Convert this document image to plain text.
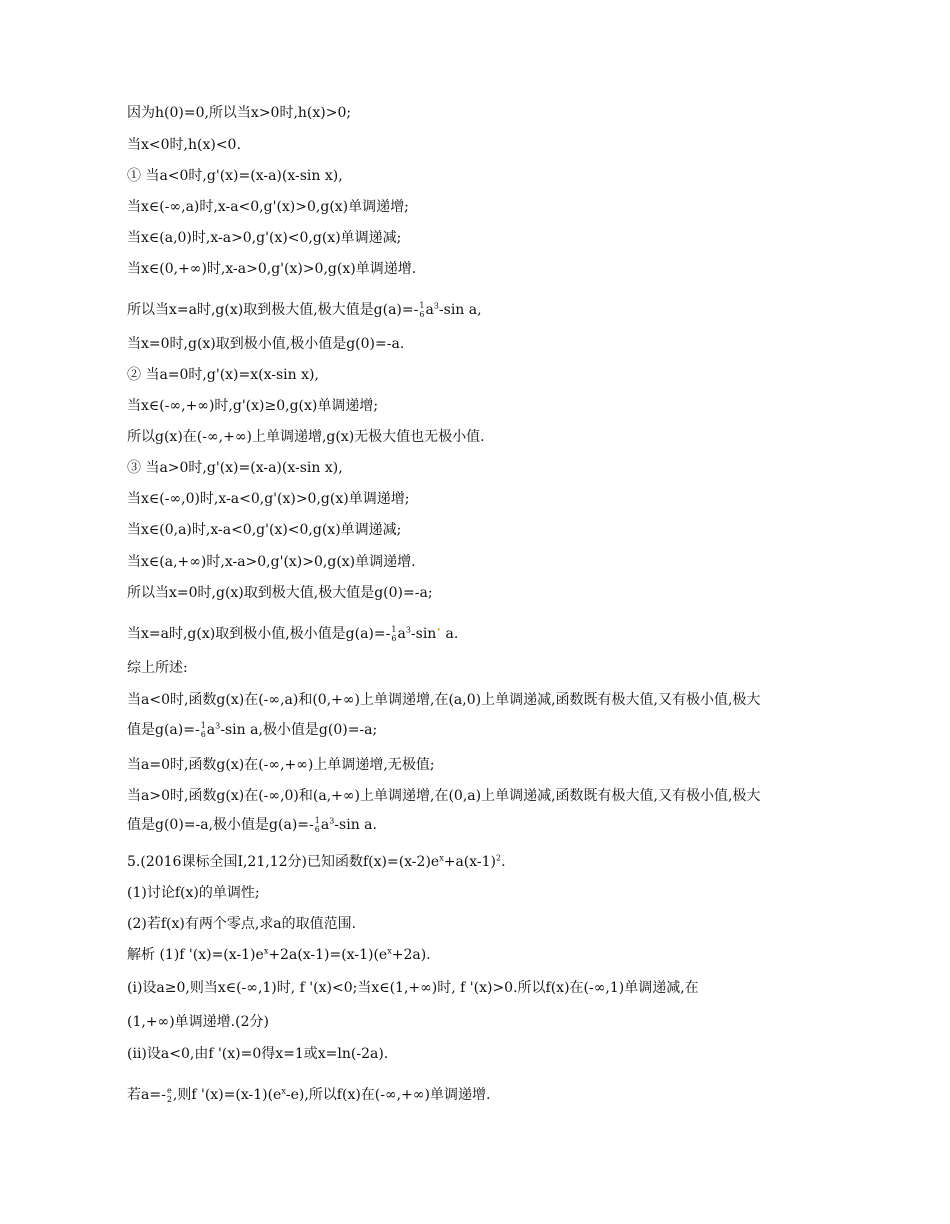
因为h(0)=0,所以当x>0时,h(x)>0;
当x<0时,h(x)<0.
① 当a<0时,g'(x)=(x-a)(x-sin x),
当x∈(-∞,a)时,x-a<0,g'(x)>0,g(x)单调递增;
当x∈(a,0)时,x-a>0,g'(x)<0,g(x)单调递减;
当x∈(0,+∞)时,x-a>0,g'(x)>0,g(x)单调递增.
所以当x=a时,g(x)取到极大值,极大值是g(a)=- 1
6 $a^3-\sin$ a,
当x=0时,g(x)取到极小值,极小值是g(0)=-a.
② 当a=0时,g'(x)=x(x-sin x),
当x∈(-∞,+∞)时,g'(x)≥0,g(x)单调递增;
所以g(x)在(-∞,+∞)上单调递增,g(x)无极大值也无极小值.
③ 当a>0时,g'(x)=(x-a)(x-sin x),
当x∈(-∞,0)时,x-a<0,g'(x)>0,g(x)单调递增;
当x∈(0,a)时,x-a<0,g'(x)<0,g(x)单调递减;
当x∈(a,+∞)时,x-a>0,g'(x)>0,g(x)单调递增.
所以当x=0时,g(x)取到极大值,极大值是g(0)=-a;
当x=a时,g(x)取到极小值,极小值是g(a)=- 1
6 $a^3-\sin^•$ a.
综上所述:
当a<0时,函数g(x)在(-∞,a)和(0,+∞)上单调递增,在(a,0)上单调递减,函数既有极大值,又有极小值,极大
值是g(a)=- 1
6 $a^3-\sin$ a,极小值是g(0)=-a;
当a=0时,函数g(x)在(-∞,+∞)上单调递增,无极值;
当a>0时,函数g(x)在(-∞,0)和(a,+∞)上单调递增,在(0,a)上单调递减,函数既有极大值,又有极小值,极大
值是g(0)=-a,极小值是g(a)=- 1
6 $a^3-\sin$ a.
5.(2016课标全国Ⅰ,21,12分)已知函数$f(x)=(x-2)e^x+a(x-1)^2$.
(1)讨论f(x)的单调性;
(2)若f(x)有两个零点,求a的取值范围.
解析 (1)f '$(x)=(x-1)e^x+2a(x-1)=(x-1)(e^x+2a)$.
(i)设a≥0,则当x∈(-∞,1)时, f '(x)<0;当x∈(1,+∞)时, f '(x)>0.所以f(x)在(-∞,1)单调递减,在
(1,+∞)单调递增.(2分)
(ii)设a<0,由f '(x)=0得x=1或x=ln(-2a).
若a=- e
2 ,则f '$(x)=(x-1)(e^x-e)$,所以f(x)在(-∞,+∞)单调递增.
